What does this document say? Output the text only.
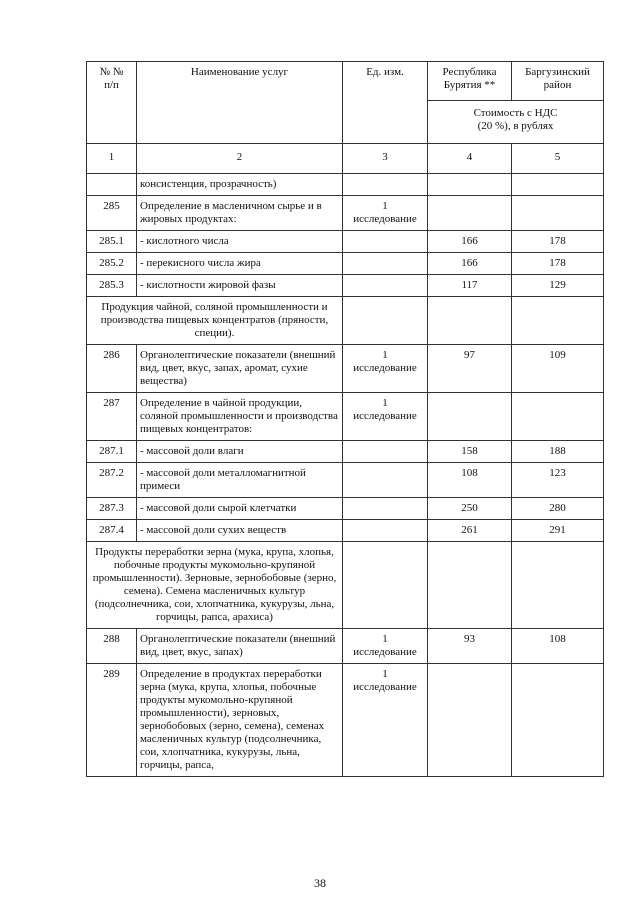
№ №
п/п	Наименование услуг	Ед. изм.	Республика
Бурятия **	Баргузинский
район
			Стоимость с НДС
(20 %), в рублях	
1	2	3	4	5
	консистенция, прозрачность)			
285	Определение в масленичном сырье и в жировых продуктах:	1
исследование		
285.1	- кислотного числа		166	178
285.2	- перекисного числа жира		166	178
285.3	- кислотности жировой фазы		117	129
Продукция чайной, соляной промышленности и производства пищевых концентратов (пряности, специи).				
286	Органолептические показатели (внешний вид, цвет, вкус, запах, аромат, сухие вещества)	1
исследование	97	109
287	Определение в чайной продукции, соляной промышленности и производства пищевых концентратов:	1
исследование		
287.1	- массовой доли влаги		158	188
287.2	- массовой доли металломагнитной примеси		108	123
287.3	- массовой доли сырой клетчатки		250	280
287.4	- массовой доли сухих веществ		261	291
Продукты переработки зерна (мука, крупа, хлопья, побочные продукты мукомольно-крупяной промышленности). Зерновые, зернобобовые (зерно, семена). Семена масленичных культур (подсолнечника, сои, хлопчатника, кукурузы, льна, горчицы, рапса, арахиса)				
288	Органолептические показатели (внешний вид, цвет, вкус, запах)	1
исследование	93	108
289	Определение в продуктах переработки зерна (мука, крупа, хлопья, побочные продукты мукомольно-крупяной промышленности), зерновых, зернобобовых (зерно, семена), семенах масленичных культур (подсолнечника, сои, хлопчатника, кукурузы, льна, горчицы, рапса,	1
исследование		
38
